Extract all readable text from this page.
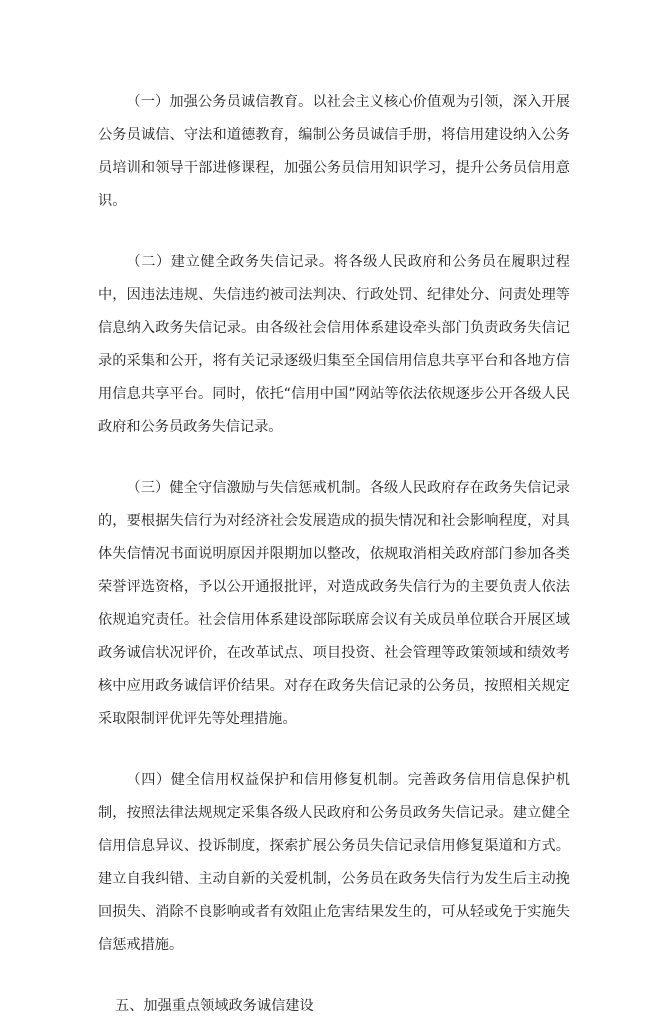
（一）加强公务员诚信教育。以社会主义核心价值观为引领，深入开展公务员诚信、守法和道德教育，编制公务员诚信手册，将信用建设纳入公务员培训和领导干部进修课程，加强公务员信用知识学习，提升公务员信用意识。

（二）建立健全政务失信记录。将各级人民政府和公务员在履职过程中，因违法违规、失信违约被司法判决、行政处罚、纪律处分、问责处理等信息纳入政务失信记录。由各级社会信用体系建设牵头部门负责政务失信记录的采集和公开，将有关记录逐级归集至全国信用信息共享平台和各地方信用信息共享平台。同时，依托“信用中国”网站等依法依规逐步公开各级人民政府和公务员政务失信记录。

（三）健全守信激励与失信惩戒机制。各级人民政府存在政务失信记录的，要根据失信行为对经济社会发展造成的损失情况和社会影响程度，对具体失信情况书面说明原因并限期加以整改，依规取消相关政府部门参加各类荣誉评选资格，予以公开通报批评，对造成政务失信行为的主要负责人依法依规追究责任。社会信用体系建设部际联席会议有关成员单位联合开展区域政务诚信状况评价，在改革试点、项目投资、社会管理等政策领域和绩效考核中应用政务诚信评价结果。对存在政务失信记录的公务员，按照相关规定采取限制评优评先等处理措施。

（四）健全信用权益保护和信用修复机制。完善政务信用信息保护机制，按照法律法规规定采集各级人民政府和公务员政务失信记录。建立健全信用信息异议、投诉制度，探索扩展公务员失信记录信用修复渠道和方式。建立自我纠错、主动自新的关爱机制，公务员在政务失信行为发生后主动挽回损失、消除不良影响或者有效阻止危害结果发生的，可从轻或免于实施失信惩戒措施。

五、加强重点领域政务诚信建设
